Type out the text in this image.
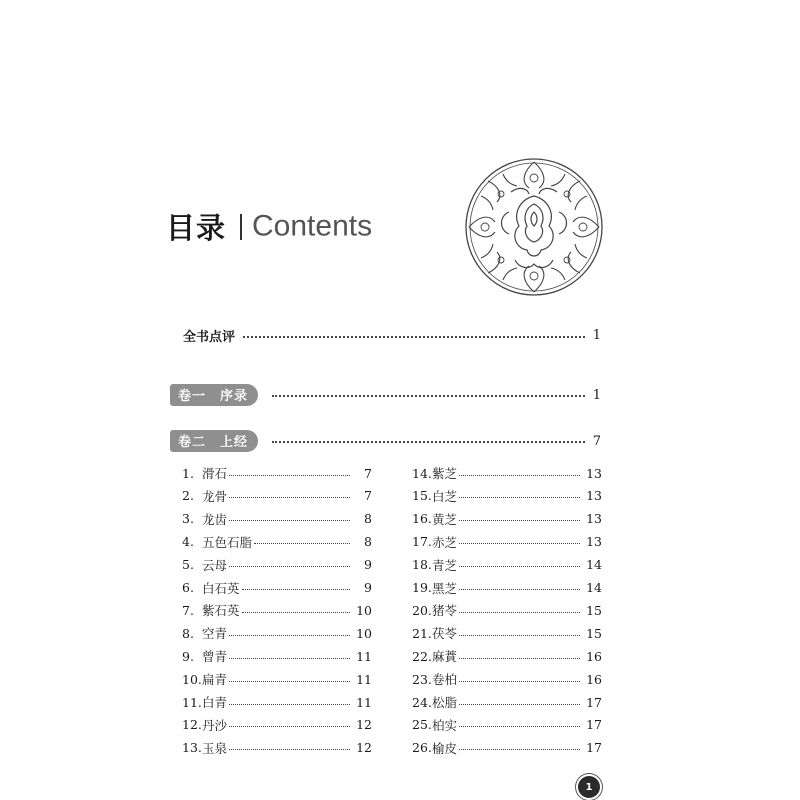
目录 Contents
全书点评	1
卷一 序录	1
卷二 上经	7
1. 滑石	7
2. 龙骨	7
3. 龙齿	8
4. 五色石脂	8
5. 云母	9
6. 白石英	9
7. 紫石英	10
8. 空青	10
9. 曾青	11
10. 扁青	11
11. 白青	11
12. 丹沙	12
13. 玉泉	12
14. 紫芝	13
15. 白芝	13
16. 黄芝	13
17. 赤芝	13
18. 青芝	14
19. 黑芝	14
20. 猪苓	15
21. 茯苓	15
22. 麻蕡	16
23. 卷柏	16
24. 松脂	17
25. 柏实	17
26. 榆皮	17
1
